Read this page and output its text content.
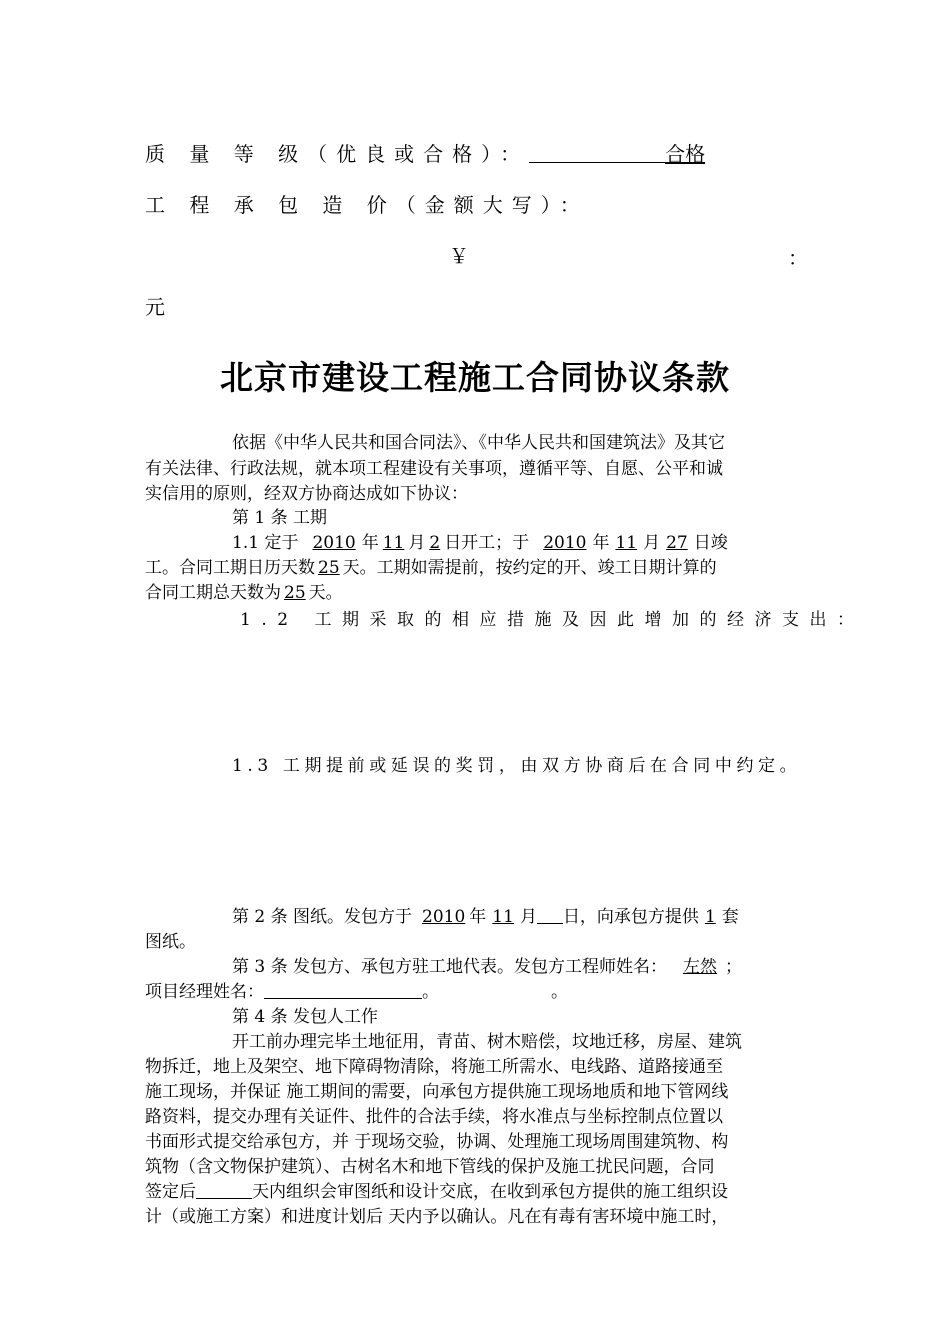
质 量 等 级（优良或合格）：	合格
工 程 承 包 造 价（金额大写）：
￥	：
元
北京市建设工程施工合同协议条款
依据《中华人民共和国合同法》、《中华人民共和国建筑法》及其它
有关法律、行政法规，就本项工程建设有关事项，遵循平等、自愿、公平和诚
实信用的原则，经双方协商达成如下协议：
第 1 条 工期
1.1 定于 2010 年 11 月 2 日开工；于 2010 年 11 月 27 日竣
工。合同工期日历天数 25 天。工期如需提前，按约定的开、竣工日期计算的
合同工期总天数为 25 天。
1.2 工期采取的相应措施及因此增加的经济支出：
1.3 工期提前或延误的奖罚，由双方协商后在合同中约定。
第 2 条 图纸。发包方于 2010 年 11 月 日，向承包方提供 1 套
图纸。
第 3 条 发包方、承包方驻工地代表。发包方工程师姓名： 左然 ；
项目经理姓名：	。	。
第 4 条 发包人工作
开工前办理完毕土地征用，青苗、树木赔偿，坟地迁移，房屋、建筑
物拆迁，地上及架空、地下障碍物清除，将施工所需水、电线路、道路接通至
施工现场，并保证 施工期间的需要，向承包方提供施工现场地质和地下管网线
路资料，提交办理有关证件、批件的合法手续，将水准点与坐标控制点位置以
书面形式提交给承包方，并 于现场交验，协调、处理施工现场周围建筑物、构
筑物（含文物保护建筑）、古树名木和地下管线的保护及施工扰民问题，合同
签定后	天内组织会审图纸和设计交底，在收到承包方提供的施工组织设
计（或施工方案）和进度计划后 天内予以确认。凡在有毒有害环境中施工时，
